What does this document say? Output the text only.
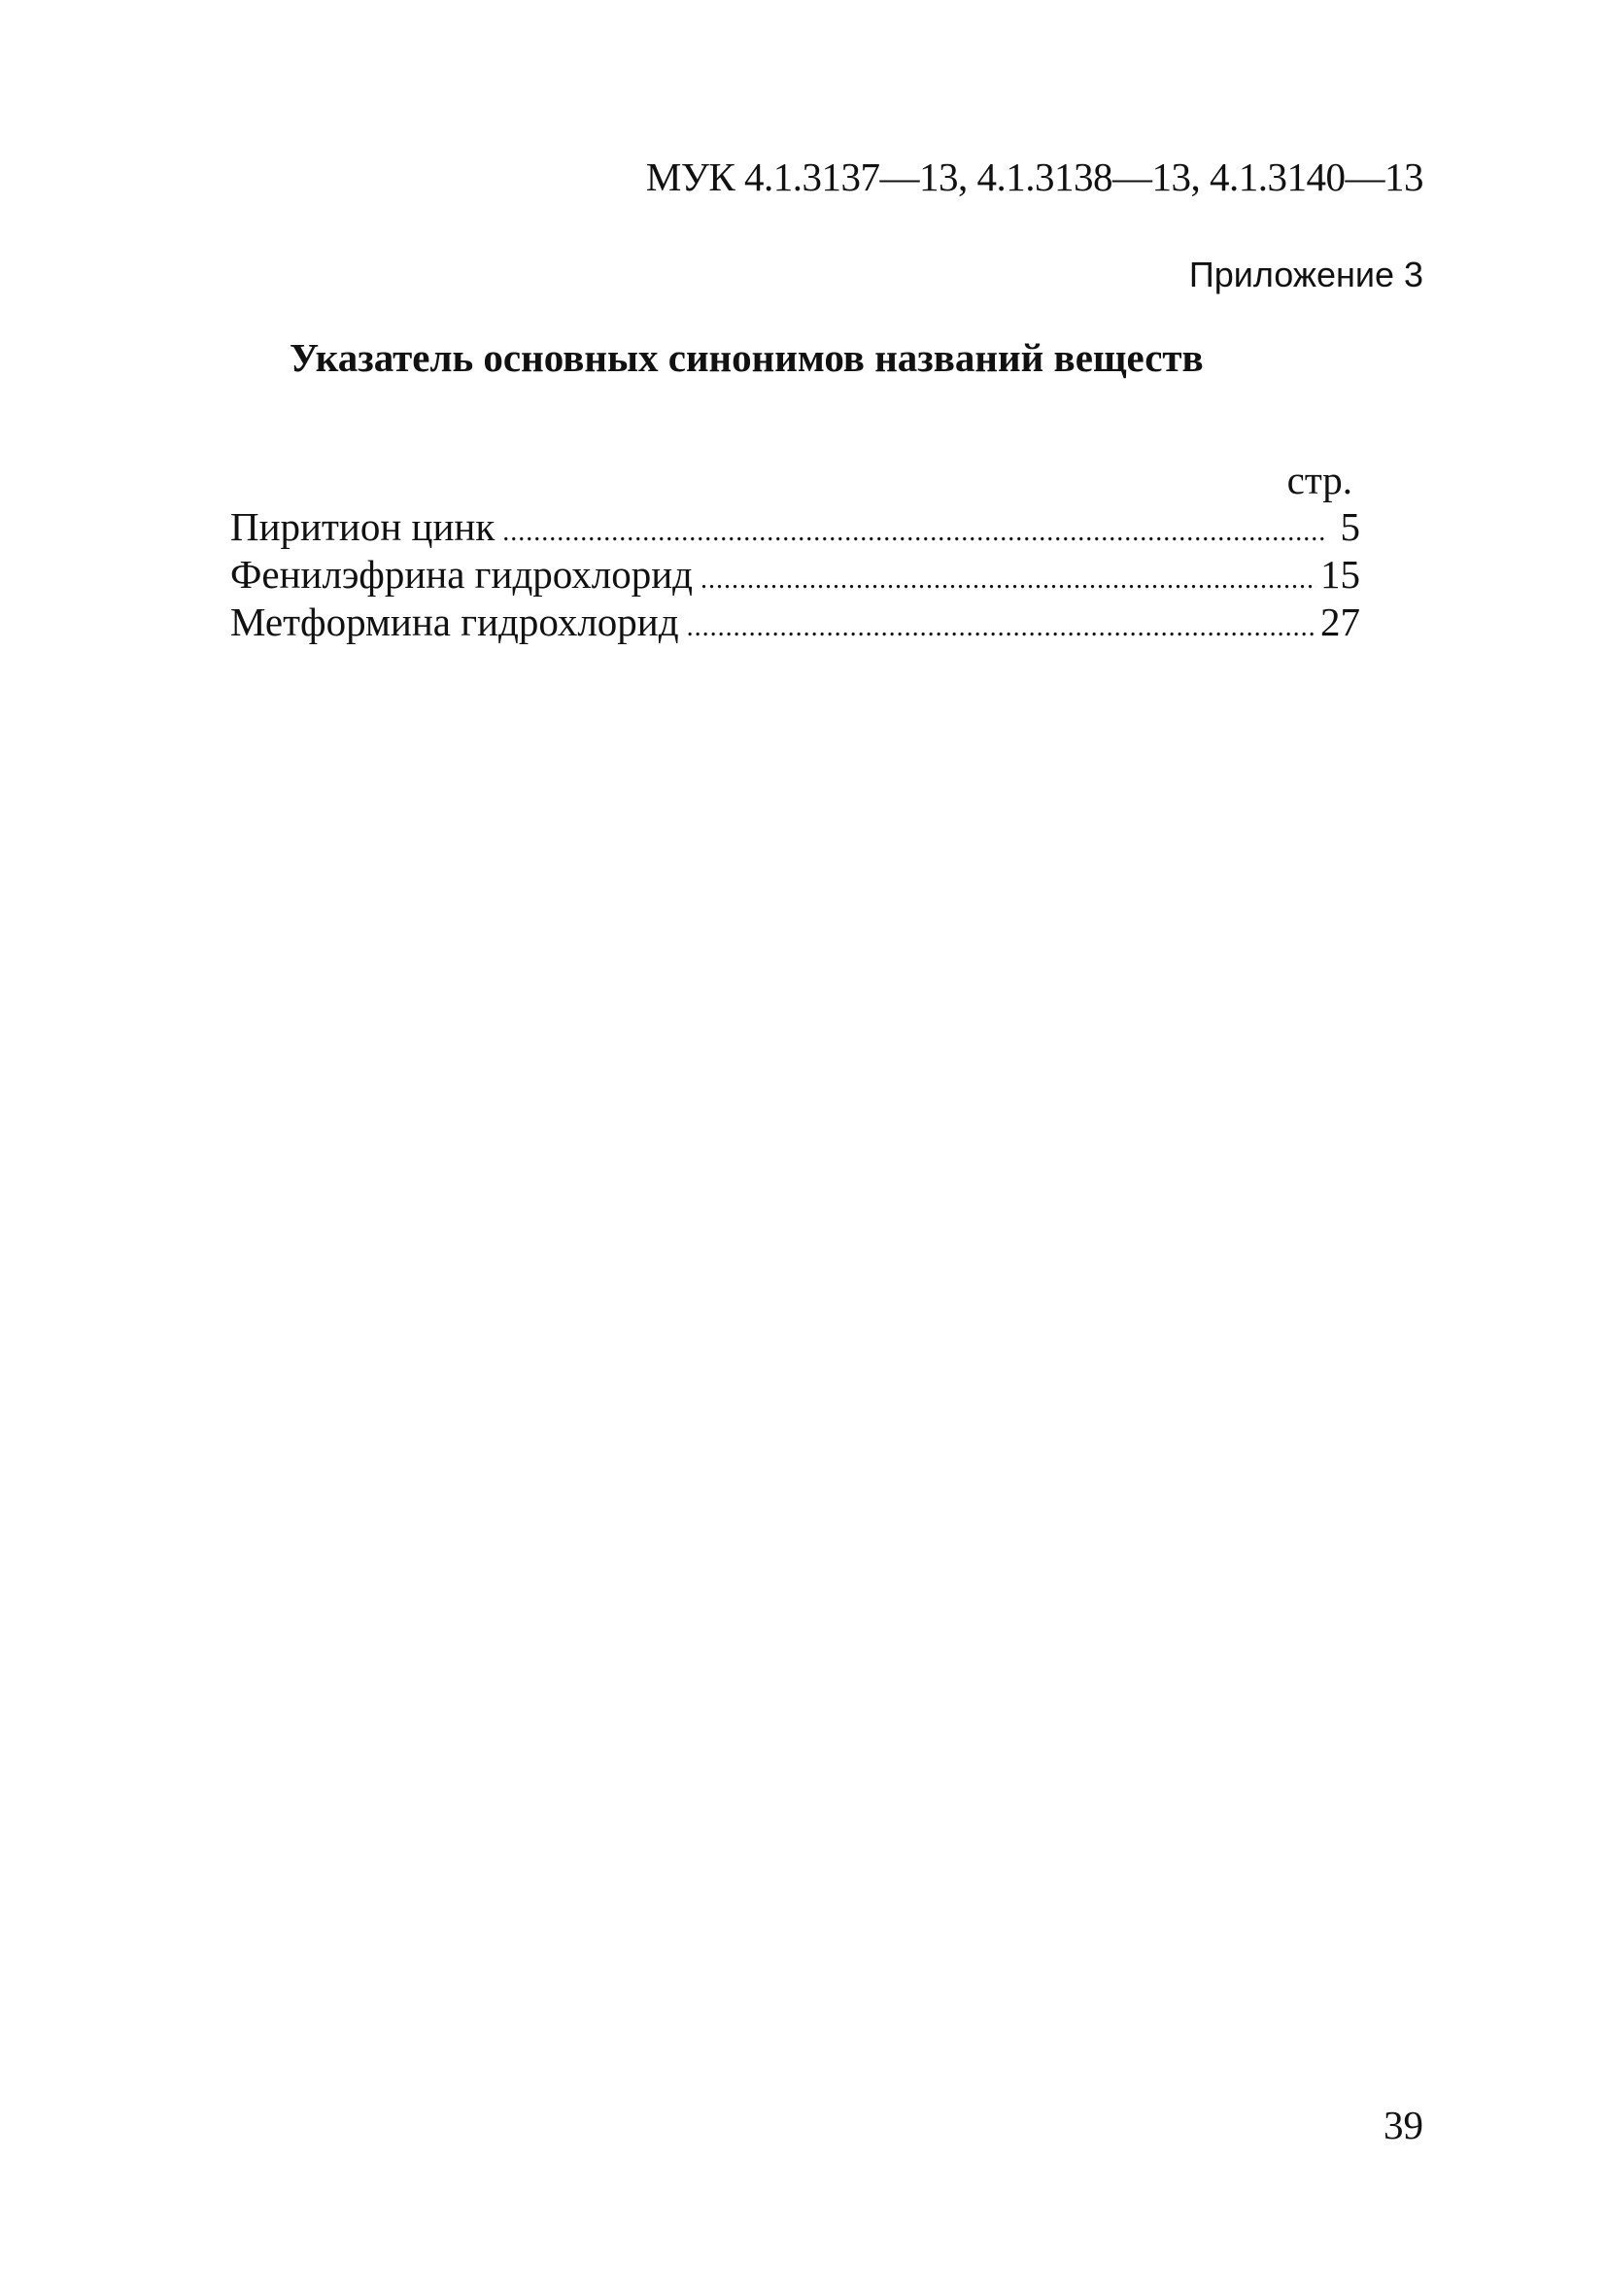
МУК 4.1.3137—13, 4.1.3138—13, 4.1.3140—13
Приложение 3
Указатель основных синонимов названий веществ
стр.
Пиритион цинк .....	5
Фенилэфрина гидрохлорид .....	15
Метформина гидрохлорид .....	27
39
